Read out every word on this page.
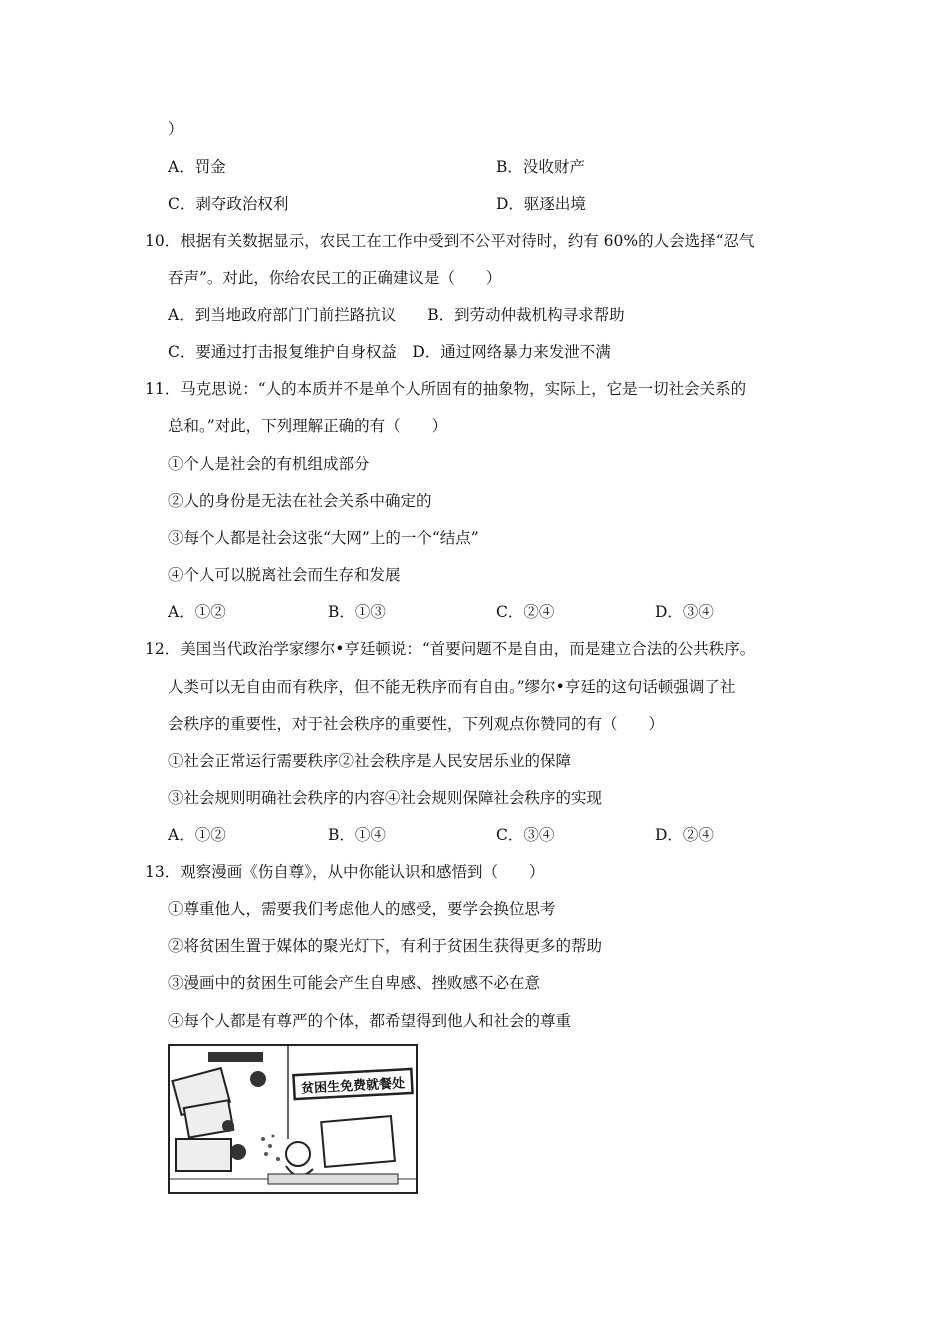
）
A．罚金	B．没收财产
C．剥夺政治权利	D．驱逐出境
10．根据有关数据显示，农民工在工作中受到不公平对待时，约有 60%的人会选择“忍气
吞声”。对此，你给农民工的正确建议是（　　）
A．到当地政府部门门前拦路抗议　　B．到劳动仲裁机构寻求帮助
C．要通过打击报复维护自身权益　D．通过网络暴力来发泄不满
11．马克思说：“人的本质并不是单个人所固有的抽象物，实际上，它是一切社会关系的
总和。”对此，下列理解正确的有（　　）
①个人是社会的有机组成部分
②人的身份是无法在社会关系中确定的
③每个人都是社会这张“大网”上的一个“结点”
④个人可以脱离社会而生存和发展
A．①②	B．①③	C．②④	D．③④
12．美国当代政治学家缪尔•亨廷顿说：“首要问题不是自由，而是建立合法的公共秩序。
人类可以无自由而有秩序，但不能无秩序而有自由。”缪尔•亨廷的这句话顿强调了社
会秩序的重要性，对于社会秩序的重要性，下列观点你赞同的有（　　）
①社会正常运行需要秩序②社会秩序是人民安居乐业的保障
③社会规则明确社会秩序的内容④社会规则保障社会秩序的实现
A．①②	B．①④	C．③④	D．②④
13．观察漫画《伤自尊》，从中你能认识和感悟到（　　）
①尊重他人，需要我们考虑他人的感受，要学会换位思考
②将贫困生置于媒体的聚光灯下，有利于贫困生获得更多的帮助
③漫画中的贫困生可能会产生自卑感、挫败感不必在意
④每个人都是有尊严的个体，都希望得到他人和社会的尊重
贫困生免费就餐处
